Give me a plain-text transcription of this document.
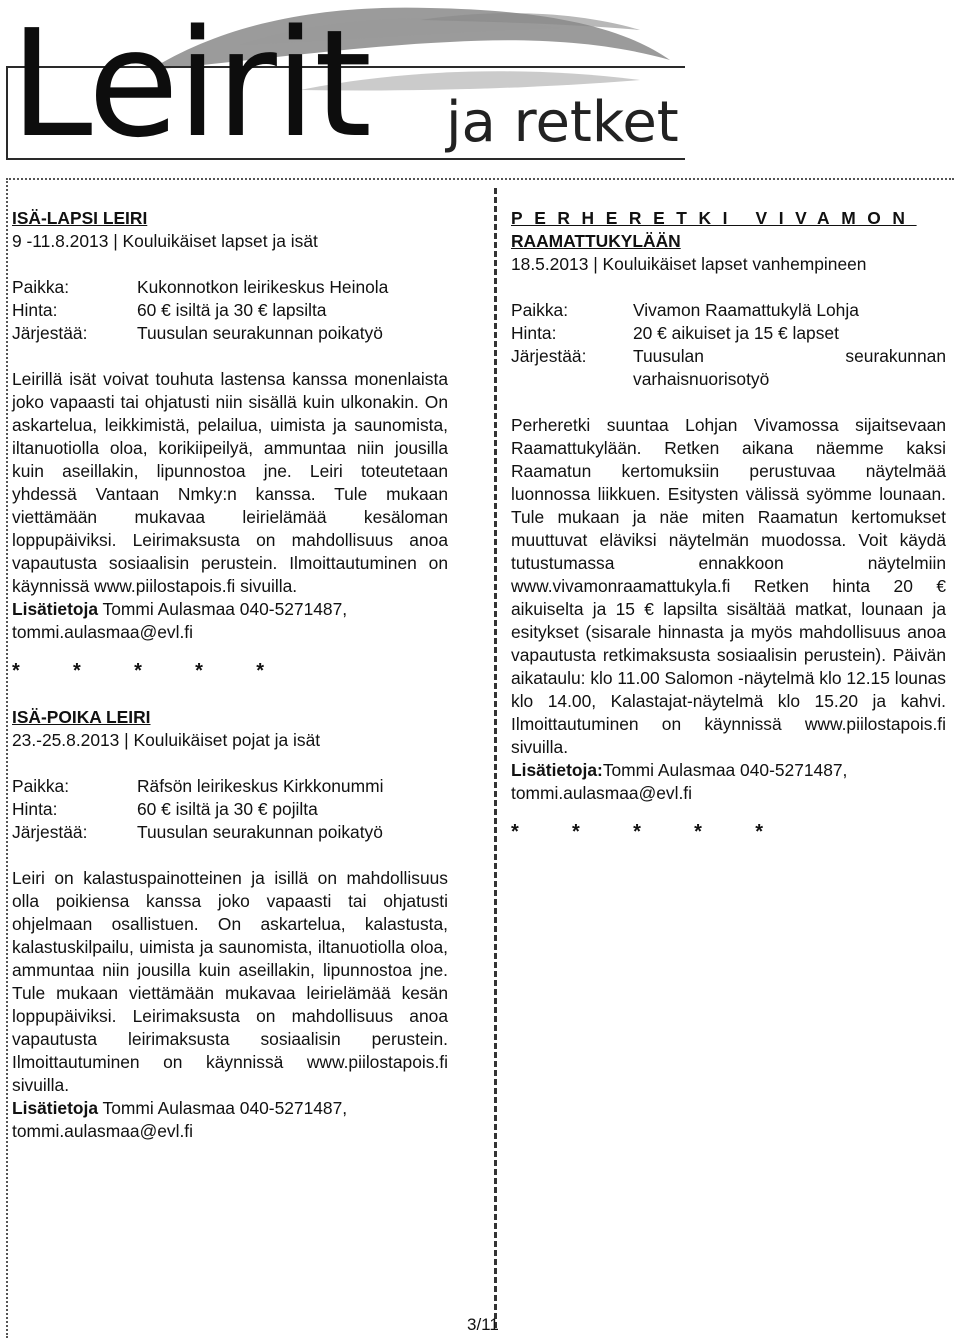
Leirit ja retket
ISÄ-LAPSI LEIRI
9 -11.8.2013 | Kouluikäiset lapset ja isät
Paikka:	Kukonnotkon leirikeskus Heinola
Hinta:	60 € isiltä ja 30 € lapsilta
Järjestää:	Tuusulan seurakunnan poikatyö

Leirillä isät voivat touhuta lastensa kanssa monenlaista joko vapaasti tai ohjatusti niin sisällä kuin ulkonakin. On askartelua, leikkimistä, pelailua, uimista ja saunomista, iltanuotiolla oloa, korikiipeilyä, ammuntaa niin jousilla kuin aseillakin, lipunnostoa jne. Leiri toteutetaan yhdessä Vantaan Nmky:n kanssa. Tule mukaan viettämään mukavaa leirielämää kesäloman loppupäiviksi. Leirimaksusta on mahdollisuus anoa vapautusta sosiaalisin perustein. Ilmoittautuminen on käynnissä www.piilostapois.fi sivuilla.

Lisätietoja Tommi Aulasmaa 040-5271487,
tommi.aulasmaa@evl.fi
*	*	*	*	*
ISÄ-POIKA LEIRI
23.-25.8.2013 | Kouluikäiset pojat ja isät
Paikka:	Räfsön leirikeskus Kirkkonummi
Hinta:	60 € isiltä ja 30 € pojilta
Järjestää:	Tuusulan seurakunnan poikatyö

Leiri on kalastuspainotteinen ja isillä on mahdollisuus olla poikiensa kanssa joko vapaasti tai ohjatusti ohjelmaan osallistuen. On askartelua, kalastusta, kalastuskilpailu, uimista ja saunomista, iltanuotiolla oloa, ammuntaa niin jousilla kuin aseillakin, lipunnostoa jne. Tule mukaan viettämään mukavaa leirielämää kesän loppupäiviksi. Leirimaksusta on mahdollisuus anoa vapautusta leirimaksusta sosiaalisin perustein. Ilmoittautuminen on käynnissä www.piilostapois.fi sivuilla.

Lisätietoja Tommi Aulasmaa 040-5271487,
tommi.aulasmaa@evl.fi
PERHERETKI VIVAMON
RAAMATTUKYLÄÄN
18.5.2013 | Kouluikäiset lapset vanhempineen
Paikka:	Vivamon Raamattukylä Lohja
Hinta:	20 € aikuiset ja 15 € lapset
Järjestää:	Tuusulan seurakunnan varhaisnuorisotyö

Perheretki suuntaa Lohjan Vivamossa sijaitsevaan Raamattukylään. Retken aikana näemme kaksi Raamatun kertomuksiin perustuvaa näytelmää luonnossa liikkuen. Esitysten välissä syömme lounaan. Tule mukaan ja näe miten Raamatun kertomukset muuttuvat eläviksi näytelmän muodossa. Voit käydä tutustumassa ennakkoon näytelmiin www.vivamonraamattukyla.fi Retken hinta 20 € aikuiselta ja 15 € lapsilta sisältää matkat, lounaan ja esitykset (sisarale hinnasta ja myös mahdollisuus anoa vapautusta retkimaksusta sosiaalisin perustein). Päivän aikataulu: klo 11.00 Salomon -näytelmä klo 12.15 lounas klo 14.00, Kalastajat-näytelmä klo 15.20 ja kahvi. Ilmoittautuminen on käynnissä www.piilostapois.fi sivuilla.

Lisätietoja:Tommi Aulasmaa 040-5271487,
tommi.aulasmaa@evl.fi
*	*	*	*	*
3/11
